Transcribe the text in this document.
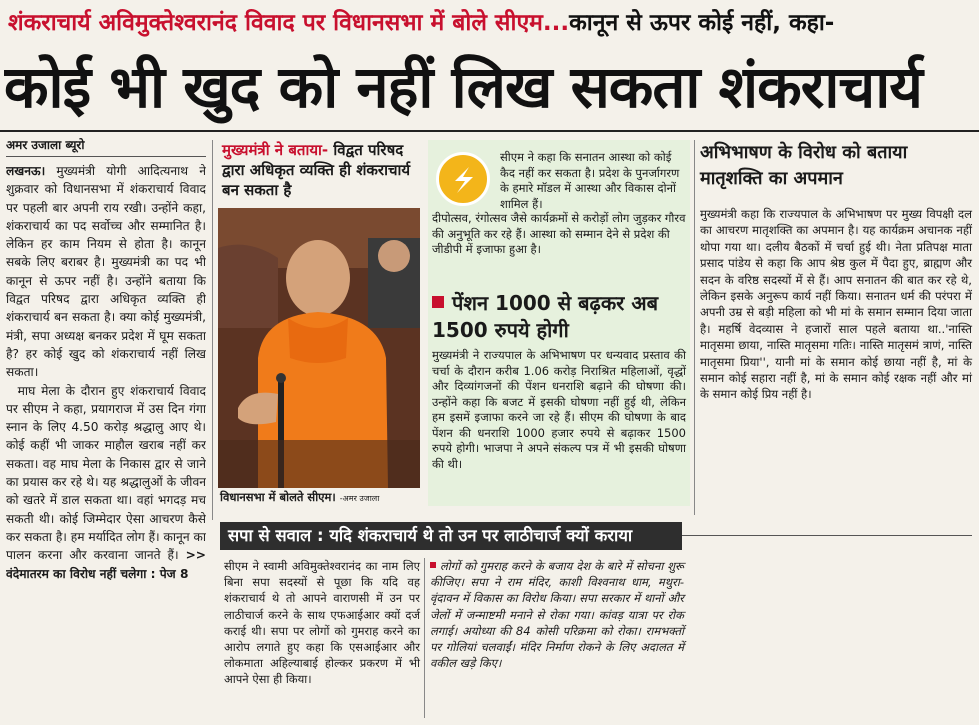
शंकराचार्य अविमुक्तेश्वरानंद विवाद पर विधानसभा में बोले सीएम...कानून से ऊपर कोई नहीं, कहा-
कोई भी खुद को नहीं लिख सकता शंकराचार्य
अमर उजाला ब्यूरो

लखनऊ। मुख्यमंत्री योगी आदित्यनाथ ने शुक्रवार को विधानसभा में शंकराचार्य विवाद पर पहली बार अपनी राय रखी। उन्होंने कहा, शंकराचार्य का पद सर्वोच्च और सम्मानित है। लेकिन हर काम नियम से होता है। कानून सबके लिए बराबर है। मुख्यमंत्री का पद भी कानून से ऊपर नहीं है। उन्होंने बताया कि विद्वत परिषद द्वारा अधिकृत व्यक्ति ही शंकराचार्य बन सकता है। क्या कोई मुख्यमंत्री, मंत्री, सपा अध्यक्ष बनकर प्रदेश में घूम सकता है? हर कोई खुद को शंकराचार्य नहीं लिख सकता।

माघ मेला के दौरान हुए शंकराचार्य विवाद पर सीएम ने कहा, प्रयागराज में उस दिन गंगा स्नान के लिए 4.50 करोड़ श्रद्धालु आए थे। कोई कहीं भी जाकर माहौल खराब नहीं कर सकता। वह माघ मेला के निकास द्वार से जाने का प्रयास कर रहे थे। यह श्रद्धालुओं के जीवन को खतरे में डाल सकता था। वहां भगदड़ मच सकती थी। कोई जिम्मेदार ऐसा आचरण कैसे कर सकता है। हम मर्यादित लोग हैं। कानून का पालन करना और करवाना जानते हैं। >> वंदेमातरम का विरोध नहीं चलेगा : पेज 8

मुख्यमंत्री ने बताया- विद्वत परिषद द्वारा अधिकृत व्यक्ति ही शंकराचार्य बन सकता है
विधानसभा में बोलते सीएम। -अमर उजाला
सीएम ने कहा कि सनातन आस्था को कोई कैद नहीं कर सकता है। प्रदेश के पुनर्जागरण के हमारे मॉडल में आस्था और विकास दोनों शामिल हैं।
दीपोत्सव, रंगोत्सव जैसे कार्यक्रमों से करोड़ों लोग जुड़कर गौरव की अनुभूति कर रहे हैं। आस्था को सम्मान देने से प्रदेश की जीडीपी में इजाफा हुआ है।
पेंशन 1000 से बढ़कर अब 1500 रुपये होगी
मुख्यमंत्री ने राज्यपाल के अभिभाषण पर धन्यवाद प्रस्ताव की चर्चा के दौरान करीब 1.06 करोड़ निराश्रित महिलाओं, वृद्धों और दिव्यांगजनों की पेंशन धनराशि बढ़ाने की घोषणा की। उन्होंने कहा कि बजट में इसकी घोषणा नहीं हुई थी, लेकिन हम इसमें इजाफा करने जा रहे हैं। सीएम की घोषणा के बाद पेंशन की धनराशि 1000 हजार रुपये से बढ़ाकर 1500 रुपये होगी। भाजपा ने अपने संकल्प पत्र में भी इसकी घोषणा की थी।
अभिभाषण के विरोध को बताया मातृशक्ति का अपमान
मुख्यमंत्री कहा कि राज्यपाल के अभिभाषण पर मुख्य विपक्षी दल का आचरण मातृशक्ति का अपमान है। यह कार्यक्रम अचानक नहीं थोपा गया था। दलीय बैठकों में चर्चा हुई थी। नेता प्रतिपक्ष माता प्रसाद पांडेय से कहा कि आप श्रेष्ठ कुल में पैदा हुए, ब्राह्मण और सदन के वरिष्ठ सदस्यों में से हैं। आप सनातन की बात कर रहे थे, लेकिन इसके अनुरूप कार्य नहीं किया। सनातन धर्म की परंपरा में अपनी उम्र से बड़ी महिला को भी मां के समान सम्मान दिया जाता है। महर्षि वेदव्यास ने हजारों साल पहले बताया था..'नास्ति मातृसमा छाया, नास्ति मातृसमा गतिः। नास्ति मातृसमं त्राणं, नास्ति मातृसमा प्रिया'', यानी मां के समान कोई छाया नहीं है, मां के समान कोई सहारा नहीं है, मां के समान कोई रक्षक नहीं और मां के समान कोई प्रिय नहीं है।
सपा से सवाल : यदि शंकराचार्य थे तो उन पर लाठीचार्ज क्यों कराया
सीएम ने स्वामी अविमुक्तेश्वरानंद का नाम लिए बिना सपा सदस्यों से पूछा कि यदि वह शंकराचार्य थे तो आपने वाराणसी में उन पर लाठीचार्ज करने के साथ एफआईआर क्यों दर्ज कराई थी। सपा पर लोगों को गुमराह करने का आरोप लगाते हुए कहा कि एसआईआर और लोकमाता अहिल्याबाई होल्कर प्रकरण में भी आपने ऐसा ही किया।
लोगों को गुमराह करने के बजाय देश के बारे में सोचना शुरू कीजिए। सपा ने राम मंदिर, काशी विश्वनाथ धाम, मथुरा-वृंदावन में विकास का विरोध किया। सपा सरकार में थानों और जेलों में जन्माष्टमी मनाने से रोका गया। कांवड़ यात्रा पर रोक लगाई। अयोध्या की 84 कोसी परिक्रमा को रोका। रामभक्तों पर गोलियां चलवाईं। मंदिर निर्माण रोकने के लिए अदालत में वकील खड़े किए।
